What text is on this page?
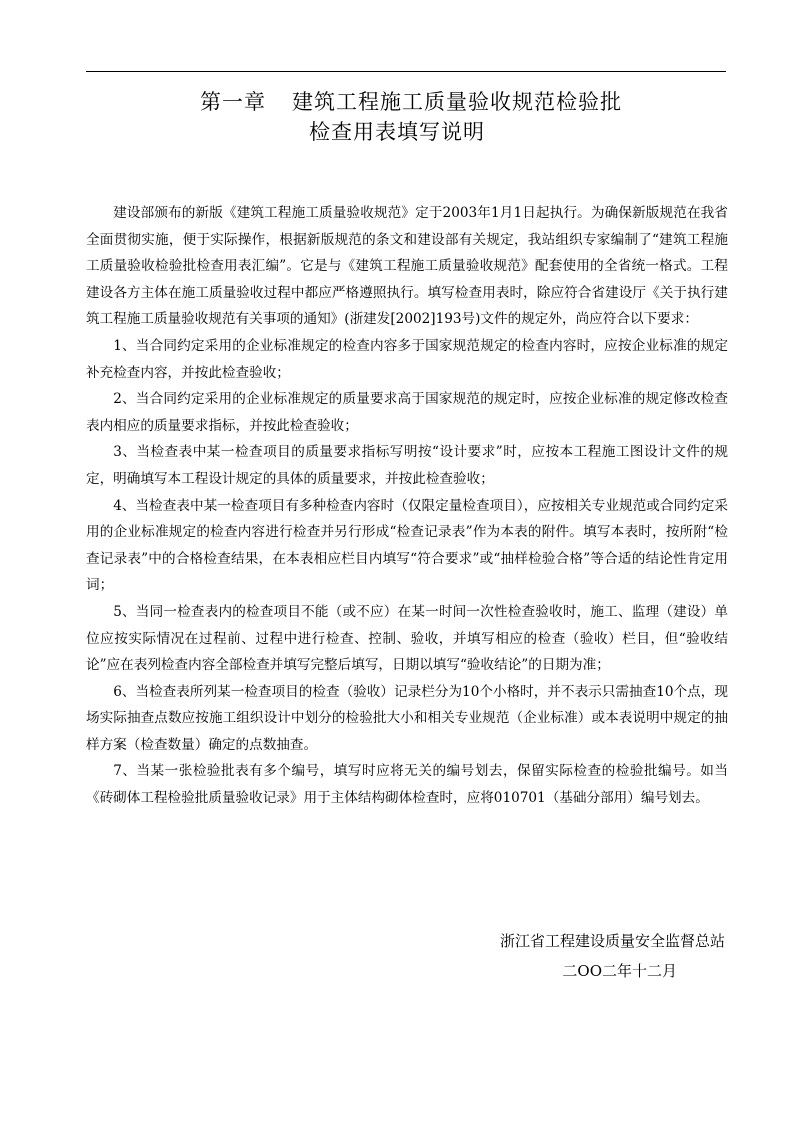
第一章 建筑工程施工质量验收规范检验批
检查用表填写说明

建设部颁布的新版《建筑工程施工质量验收规范》定于2003年1月1日起执行。为确保新版规范在我省全面贯彻实施，便于实际操作，根据新版规范的条文和建设部有关规定，我站组织专家编制了“建筑工程施工质量验收检验批检查用表汇编”。它是与《建筑工程施工质量验收规范》配套使用的全省统一格式。工程建设各方主体在施工质量验收过程中都应严格遵照执行。填写检查用表时，除应符合省建设厅《关于执行建筑工程施工质量验收规范有关事项的通知》(浙建发[2002]193号)文件的规定外，尚应符合以下要求：

1、当合同约定采用的企业标准规定的检查内容多于国家规范规定的检查内容时，应按企业标准的规定补充检查内容，并按此检查验收；

2、当合同约定采用的企业标准规定的质量要求高于国家规范的规定时，应按企业标准的规定修改检查表内相应的质量要求指标，并按此检查验收；

3、当检查表中某一检查项目的质量要求指标写明按“设计要求”时，应按本工程施工图设计文件的规定，明确填写本工程设计规定的具体的质量要求，并按此检查验收；

4、当检查表中某一检查项目有多种检查内容时（仅限定量检查项目），应按相关专业规范或合同约定采用的企业标准规定的检查内容进行检查并另行形成“检查记录表”作为本表的附件。填写本表时，按所附“检查记录表”中的合格检查结果，在本表相应栏目内填写“符合要求”或“抽样检验合格”等合适的结论性肯定用词；

5、当同一检查表内的检查项目不能（或不应）在某一时间一次性检查验收时，施工、监理（建设）单位应按实际情况在过程前、过程中进行检查、控制、验收，并填写相应的检查（验收）栏目，但“验收结论”应在表列检查内容全部检查并填写完整后填写，日期以填写“验收结论”的日期为准；

6、当检查表所列某一检查项目的检查（验收）记录栏分为10个小格时，并不表示只需抽查10个点，现场实际抽查点数应按施工组织设计中划分的检验批大小和相关专业规范（企业标准）或本表说明中规定的抽样方案（检查数量）确定的点数抽查。

7、当某一张检验批表有多个编号，填写时应将无关的编号划去，保留实际检查的检验批编号。如当《砖砌体工程检验批质量验收记录》用于主体结构砌体检查时，应将010701（基础分部用）编号划去。

浙江省工程建设质量安全监督总站
二OO二年十二月
